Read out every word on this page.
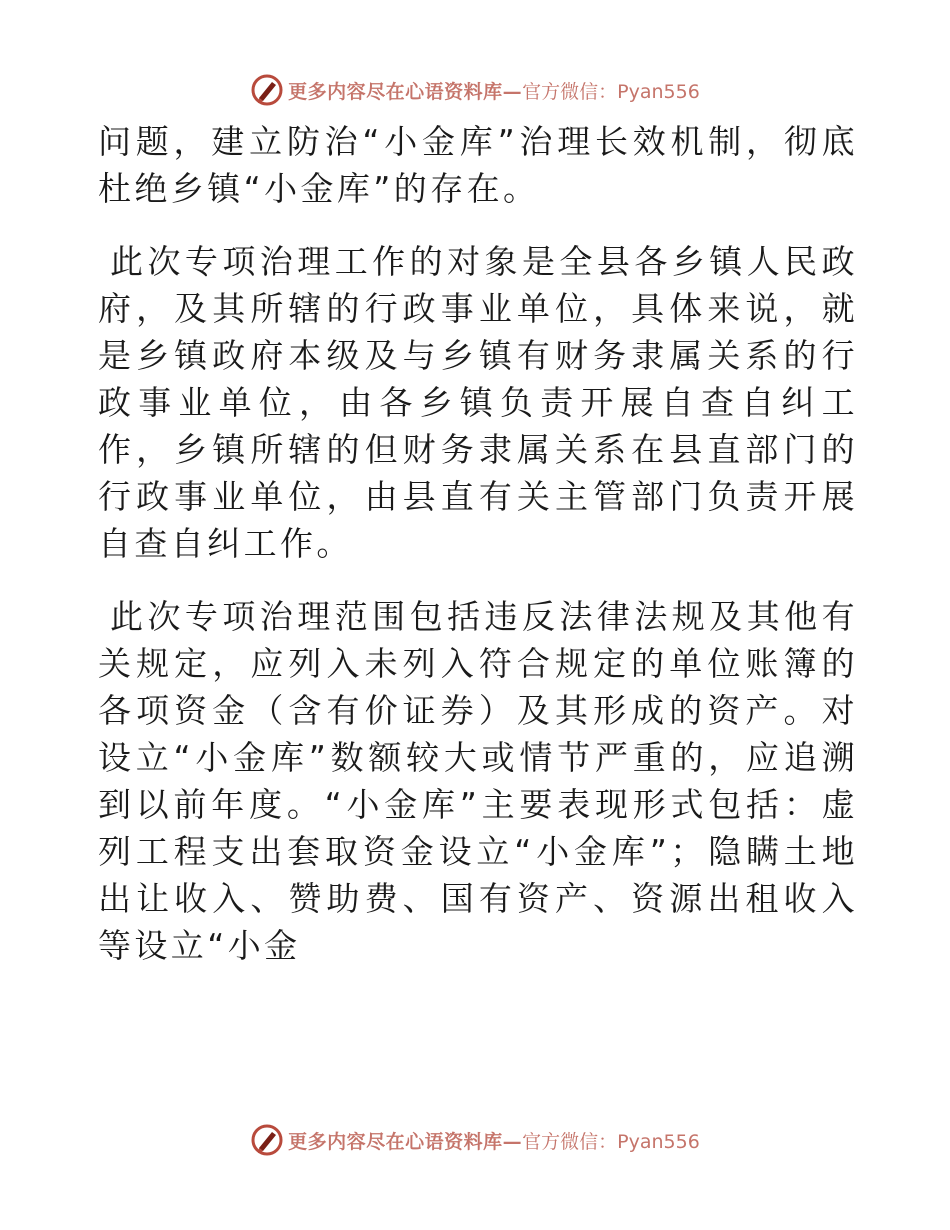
更多内容尽在心语资料库— 官方微信：Pyan556

问题，建立防治“小金库”治理长效机制，彻底杜绝乡镇“小金库”的存在。

此次专项治理工作的对象是全县各乡镇人民政府，及其所辖的行政事业单位，具体来说，就是乡镇政府本级及与乡镇有财务隶属关系的行政事业单位，由各乡镇负责开展自查自纠工作，乡镇所辖的但财务隶属关系在县直部门的行政事业单位，由县直有关主管部门负责开展自查自纠工作。

此次专项治理范围包括违反法律法规及其他有关规定，应列入未列入符合规定的单位账簿的各项资金（含有价证券）及其形成的资产。对设立“小金库”数额较大或情节严重的，应追溯到以前年度。“小金库”主要表现形式包括：虚列工程支出套取资金设立“小金库”；隐瞒土地出让收入、赞助费、国有资产、资源出租收入等设立“小金

更多内容尽在心语资料库— 官方微信：Pyan556
